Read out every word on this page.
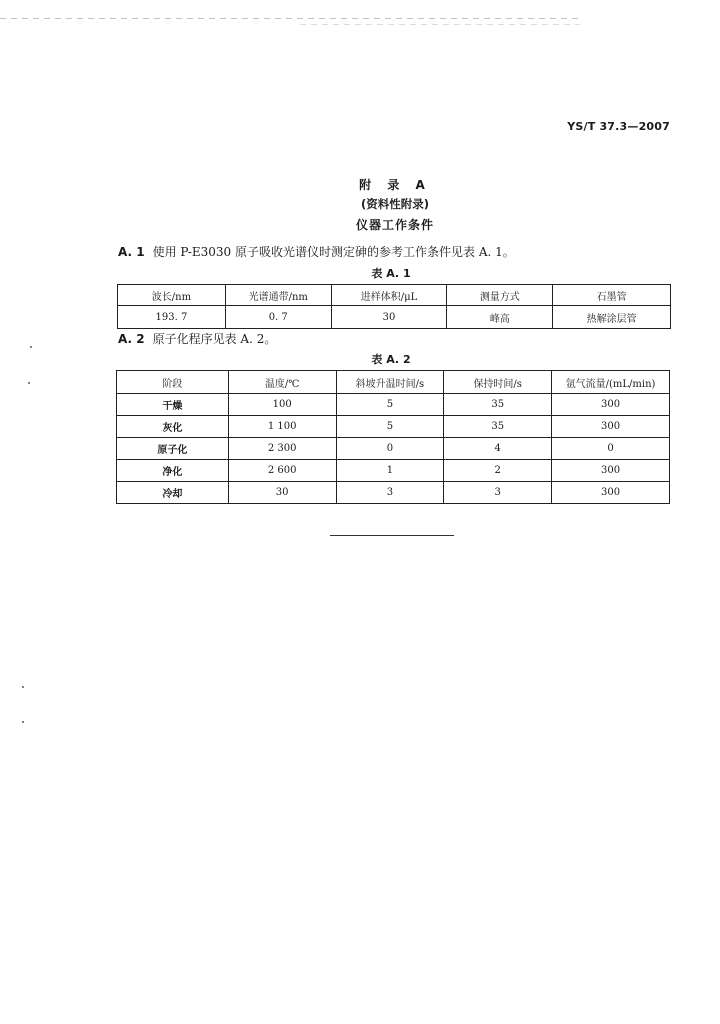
YS/T 37.3—2007
附 录 A
(资料性附录)
仪器工作条件
A. 1 使用 P-E3030 原子吸收光谱仪时测定砷的参考工作条件见表 A. 1。
表 A. 1
波长/nm	光谱通带/nm	进样体积/μL	测量方式	石墨管
193. 7	0. 7	30	峰高	热解涂层管
A. 2 原子化程序见表 A. 2。
表 A. 2
阶段	温度/℃	斜坡升温时间/s	保持时间/s	氩气流量/(mL/min)
干燥	100	5	35	300
灰化	1 100	5	35	300
原子化	2 300	0	4	0
净化	2 600	1	2	300
冷却	30	3	3	300
